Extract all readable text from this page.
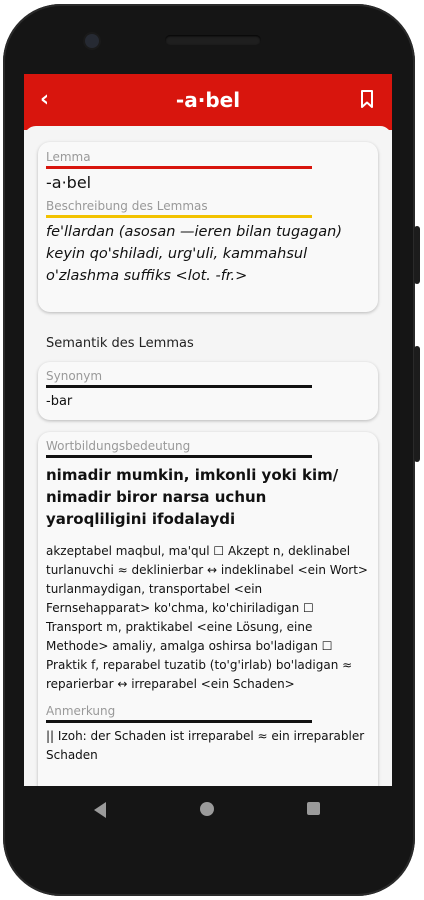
‹	-a·bel
Lemma
-a·bel
Beschreibung des Lemmas
fe'llardan (asosan —ieren bilan tugagan) keyin qo'shiladi, urg'uli, kammahsul o'zlashma suffiks <lot. -fr.>
Semantik des Lemmas
Synonym
-bar
Wortbildungsbedeutung
nimadir mumkin, imkonli yoki kim/ nimadir biror narsa uchun yaroqliligini ifodalaydi
akzeptabel maqbul, ma'qul ☐ Akzept n, deklinabel turlanuvchi ≈ deklinierbar ↔ indeklinabel <ein Wort> turlanmaydigan, transportabel <ein Fernsehapparat> ko'chma, ko'chiriladigan ☐ Transport m, praktikabel <eine Lösung, eine Methode> amaliy, amalga oshirsa bo'ladigan ☐ Praktik f, reparabel tuzatib (to'g'irlab) bo'ladigan ≈ reparierbar ↔ irreparabel <ein Schaden>
Anmerkung
|| Izoh: der Schaden ist irreparabel ≈ ein irreparabler Schaden
